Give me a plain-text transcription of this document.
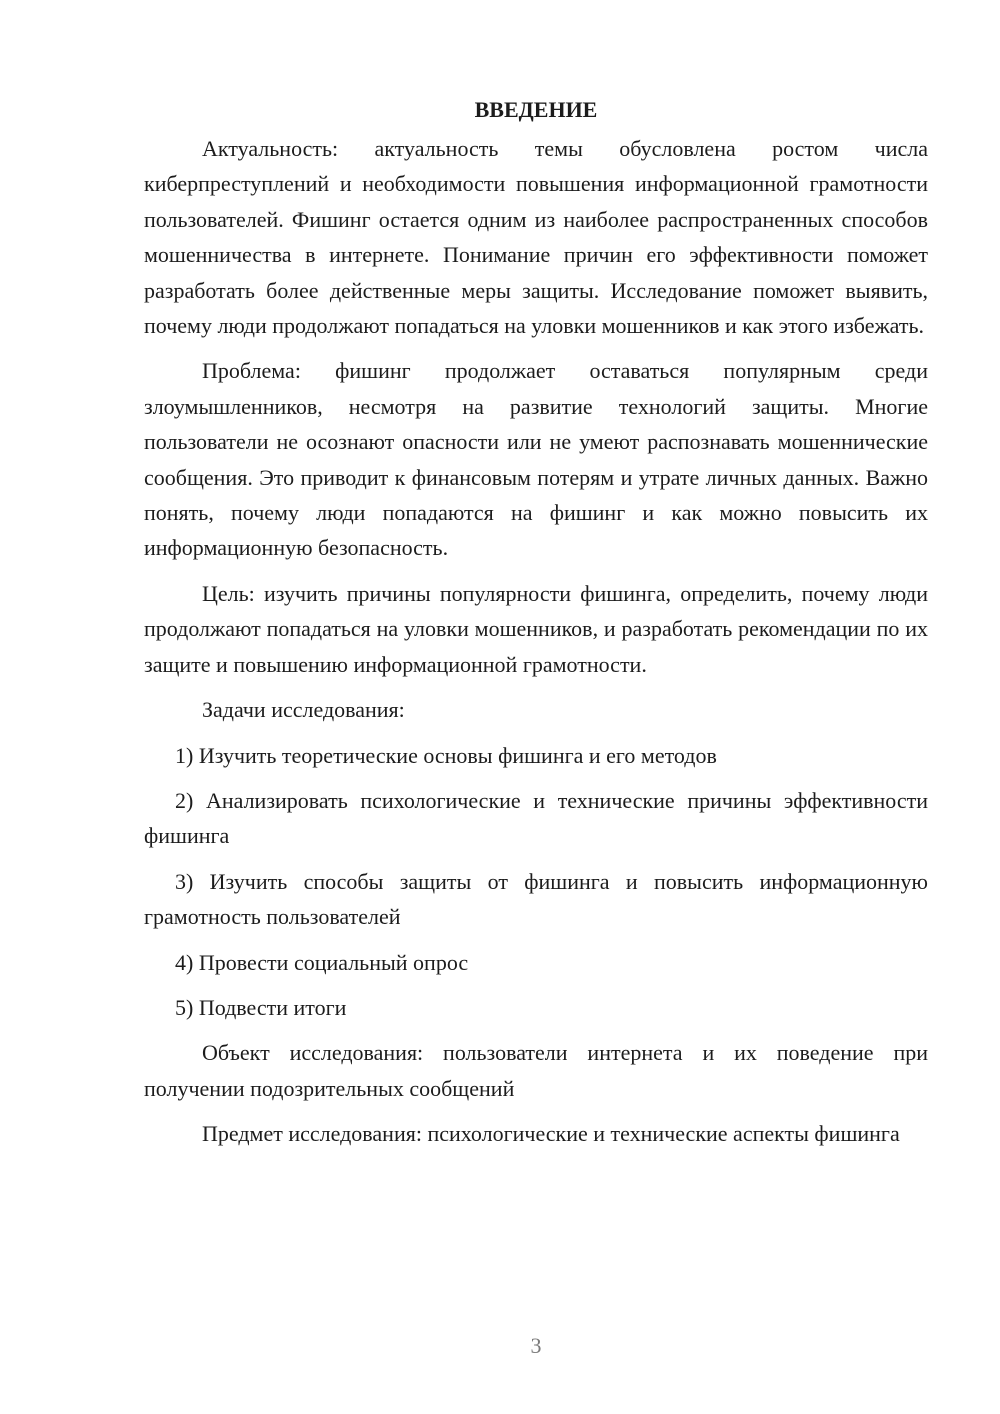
ВВЕДЕНИЕ
Актуальность: актуальность темы обусловлена ростом числа киберпреступлений и необходимости повышения информационной грамотности пользователей. Фишинг остается одним из наиболее распространенных способов мошенничества в интернете. Понимание причин его эффективности поможет разработать более действенные меры защиты. Исследование поможет выявить, почему люди продолжают попадаться на уловки мошенников и как этого избежать.
Проблема: фишинг продолжает оставаться популярным среди злоумышленников, несмотря на развитие технологий защиты. Многие пользователи не осознают опасности или не умеют распознавать мошеннические сообщения. Это приводит к финансовым потерям и утрате личных данных. Важно понять, почему люди попадаются на фишинг и как можно повысить их информационную безопасность.
Цель: изучить причины популярности фишинга, определить, почему люди продолжают попадаться на уловки мошенников, и разработать рекомендации по их защите и повышению информационной грамотности.
Задачи исследования:
1) Изучить теоретические основы фишинга и его методов
2) Анализировать психологические и технические причины эффективности фишинга
3) Изучить способы защиты от фишинга и повысить информационную грамотность пользователей
4) Провести социальный опрос
5) Подвести итоги
Объект исследования: пользователи интернета и их поведение при получении подозрительных сообщений
Предмет исследования: психологические и технические аспекты фишинга
3
